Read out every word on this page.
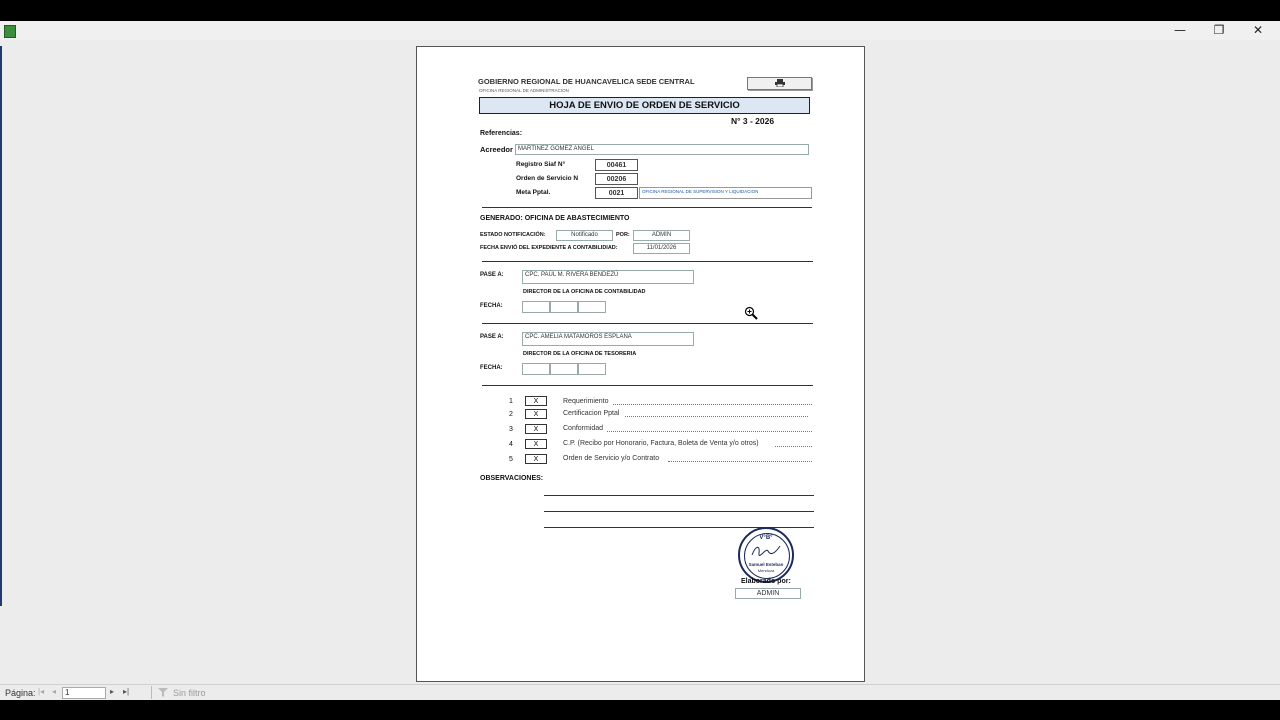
—	❐	✕
GOBIERNO REGIONAL DE HUANCAVELICA SEDE CENTRAL
OFICINA REGIONAL DE ADMINISTRACION
HOJA DE ENVIO DE ORDEN DE SERVICIO
N° 3 - 2026
Referencias:
Acreedor MARTINEZ GOMEZ ANGEL
Registro Siaf N°	00461
Orden de Servicio N	00206
Meta Pptal.	0021	OFICINA REGIONAL DE SUPERVISION Y LIQUIDACION
GENERADO: OFICINA DE ABASTECIMIENTO
ESTADO NOTIFICACIÓN:	Notificado	POR:	ADMIN
FECHA ENVIÓ DEL EXPEDIENTE A CONTABILIDIAD:	11/01/2026
PASE A:	CPC. PAÚL M. RIVERA BENDEZÚ
DIRECTOR DE LA OFICINA DE CONTABILIDAD
FECHA:
PASE A:	CPC. AMELIA MATAMOROS ESPLANA
DIRECTOR DE LA OFICINA DE TESORERIA
FECHA:
1	X	Requerimiento
2	X	Certificacion Pptal
3	X	Conformidad
4	X	C.P. (Recibo por Honorario, Factura, Boleta de Venta y/o otros)
5	X	Orden de Servicio y/o Contrato
OBSERVACIONES:
V°B°
Samuel Esteban
Mendoza
Elaborado por:
ADMIN
Página:	1
|◂ ◂	▸ ▸|	Sin filtro
